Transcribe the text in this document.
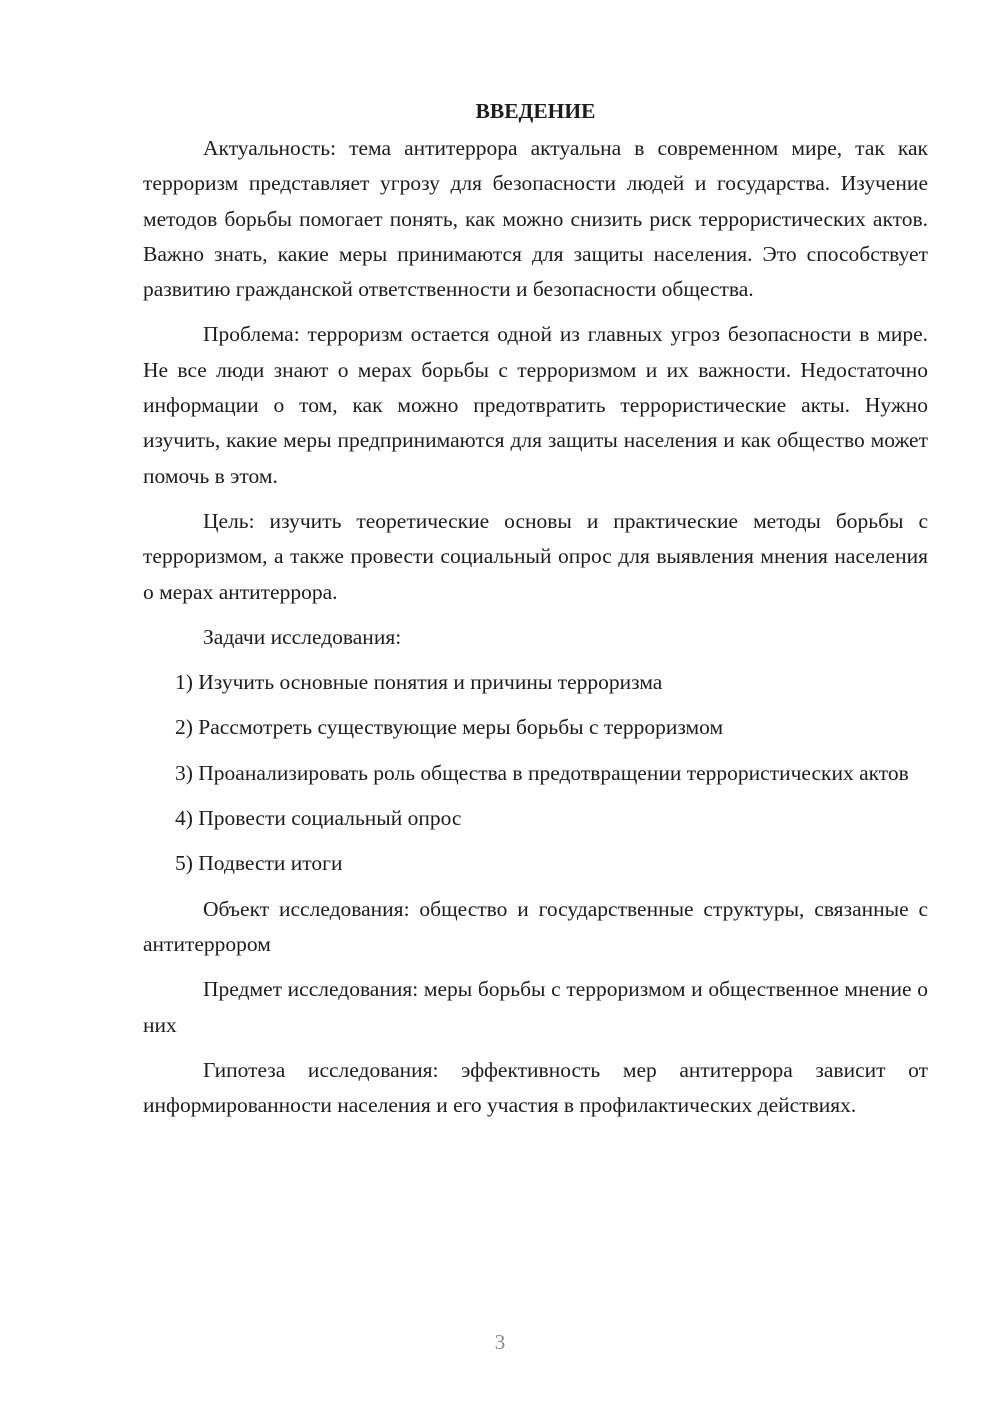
ВВЕДЕНИЕ

Актуальность: тема антитеррора актуальна в современном мире, так как терроризм представляет угрозу для безопасности людей и государства. Изучение методов борьбы помогает понять, как можно снизить риск террористических актов. Важно знать, какие меры принимаются для защиты населения. Это способствует развитию гражданской ответственности и безопасности общества.

Проблема: терроризм остается одной из главных угроз безопасности в мире. Не все люди знают о мерах борьбы с терроризмом и их важности. Недостаточно информации о том, как можно предотвратить террористические акты. Нужно изучить, какие меры предпринимаются для защиты населения и как общество может помочь в этом.

Цель: изучить теоретические основы и практические методы борьбы с терроризмом, а также провести социальный опрос для выявления мнения населения о мерах антитеррора.

Задачи исследования:

1) Изучить основные понятия и причины терроризма

2) Рассмотреть существующие меры борьбы с терроризмом

3) Проанализировать роль общества в предотвращении террористических актов

4) Провести социальный опрос

5) Подвести итоги

Объект исследования: общество и государственные структуры, связанные с антитеррором

Предмет исследования: меры борьбы с терроризмом и общественное мнение о них

Гипотеза исследования: эффективность мер антитеррора зависит от информированности населения и его участия в профилактических действиях.

3
